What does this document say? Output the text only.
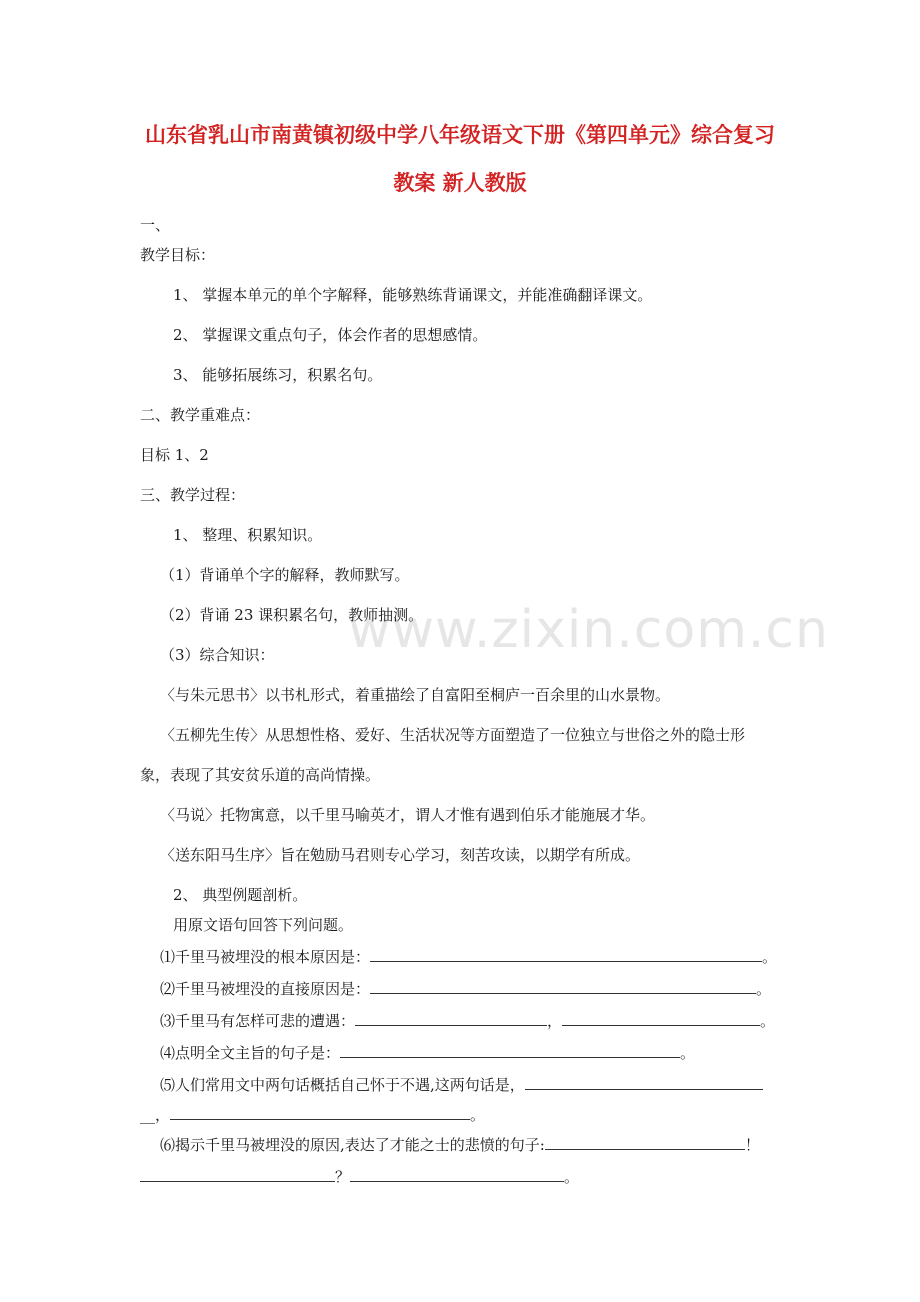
www.zixin.com.cn
山东省乳山市南黄镇初级中学八年级语文下册《第四单元》综合复习
教案 新人教版
一、
教学目标：
1、 掌握本单元的单个字解释，能够熟练背诵课文，并能准确翻译课文。
2、 掌握课文重点句子，体会作者的思想感情。
3、 能够拓展练习，积累名句。
二、教学重难点：
目标 1、2
三、教学过程：
1、 整理、积累知识。
（1）背诵单个字的解释，教师默写。
（2）背诵 23 课积累名句，教师抽测。
（3）综合知识：
〈与朱元思书〉以书札形式，着重描绘了自富阳至桐庐一百余里的山水景物。
〈五柳先生传〉从思想性格、爱好、生活状况等方面塑造了一位独立与世俗之外的隐士形
象，表现了其安贫乐道的高尚情操。
〈马说〉托物寓意，以千里马喻英才，谓人才惟有遇到伯乐才能施展才华。
〈送东阳马生序〉旨在勉励马君则专心学习，刻苦攻读，以期学有所成。
2、 典型例题剖析。
用原文语句回答下列问题。
⑴千里马被埋没的根本原因是：	。
⑵千里马被埋没的直接原因是：	。
⑶千里马有怎样可悲的遭遇：	，	。
⑷点明全文主旨的句子是：	。
⑸人们常用文中两句话概括自己怀于不遇,这两句话是，
__，	。
⑹揭示千里马被埋没的原因,表达了才能之士的悲愤的句子:	！
？	。
